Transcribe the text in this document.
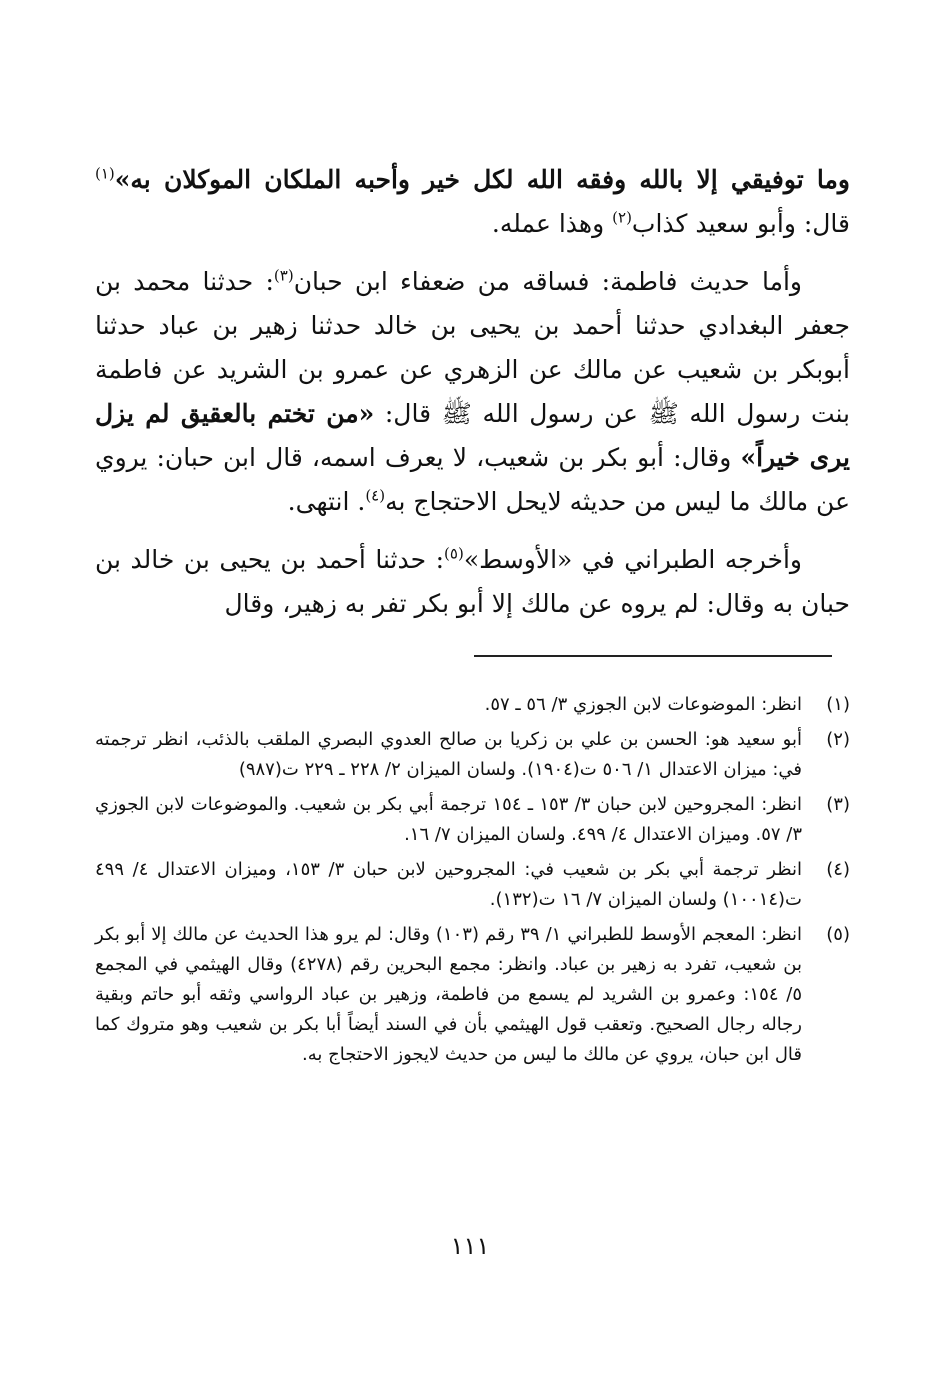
وما توفيقي إلا بالله وفقه الله لكل خير وأحبه الملكان الموكلان به»$^{(١)}$ قال: وأبو سعيد كذاب$^{(٢)}$ وهذا عمله.

وأما حديث فاطمة: فساقه من ضعفاء ابن حبان$^{(٣)}$: حدثنا محمد بن جعفر البغدادي حدثنا أحمد بن يحيى بن خالد حدثنا زهير بن عباد حدثنا أبوبكر بن شعيب عن مالك عن الزهري عن عمرو بن الشريد عن فاطمة بنت رسول الله ﷺ عن رسول الله ﷺ قال: «من تختم بالعقيق لم يزل يرى خيراً» وقال: أبو بكر بن شعيب، لا يعرف اسمه، قال ابن حبان: يروي عن مالك ما ليس من حديثه لايحل الاحتجاج به$^{(٤)}$. انتهى.

وأخرجه الطبراني في «الأوسط»$^{(٥)}$: حدثنا أحمد بن يحيى بن خالد بن حبان به وقال: لم يروه عن مالك إلا أبو بكر تفر به زهير، وقال

(١)
انظر: الموضوعات لابن الجوزي ٣/ ٥٦ ـ ٥٧.
(٢)
أبو سعيد هو: الحسن بن علي بن زكريا بن صالح العدوي البصري الملقب بالذئب، انظر ترجمته في: ميزان الاعتدال ١/ ٥٠٦ ت(١٩٠٤). ولسان الميزان ٢/ ٢٢٨ ـ ٢٢٩ ت(٩٨٧)
(٣)
انظر: المجروحين لابن حبان ٣/ ١٥٣ ـ ١٥٤ ترجمة أبي بكر بن شعيب. والموضوعات لابن الجوزي ٣/ ٥٧. وميزان الاعتدال ٤/ ٤٩٩. ولسان الميزان ٧/ ١٦.
(٤)
انظر ترجمة أبي بكر بن شعيب في: المجروحين لابن حبان ٣/ ١٥٣، وميزان الاعتدال ٤/ ٤٩٩ ت(١٠٠١٤) ولسان الميزان ٧/ ١٦ ت(١٣٢).
(٥)
انظر: المعجم الأوسط للطبراني ١/ ٣٩ رقم (١٠٣) وقال: لم يرو هذا الحديث عن مالك إلا أبو بكر بن شعيب، تفرد به زهير بن عباد. وانظر: مجمع البحرين رقم (٤٢٧٨) وقال الهيثمي في المجمع ٥/ ١٥٤: وعمرو بن الشريد لم يسمع من فاطمة، وزهير بن عباد الرواسي وثقه أبو حاتم وبقية رجاله رجال الصحيح. وتعقب قول الهيثمي بأن في السند أيضاً أبا بكر بن شعيب وهو متروك كما قال ابن حبان، يروي عن مالك ما ليس من حديث لايجوز الاحتجاج به.
١١١
